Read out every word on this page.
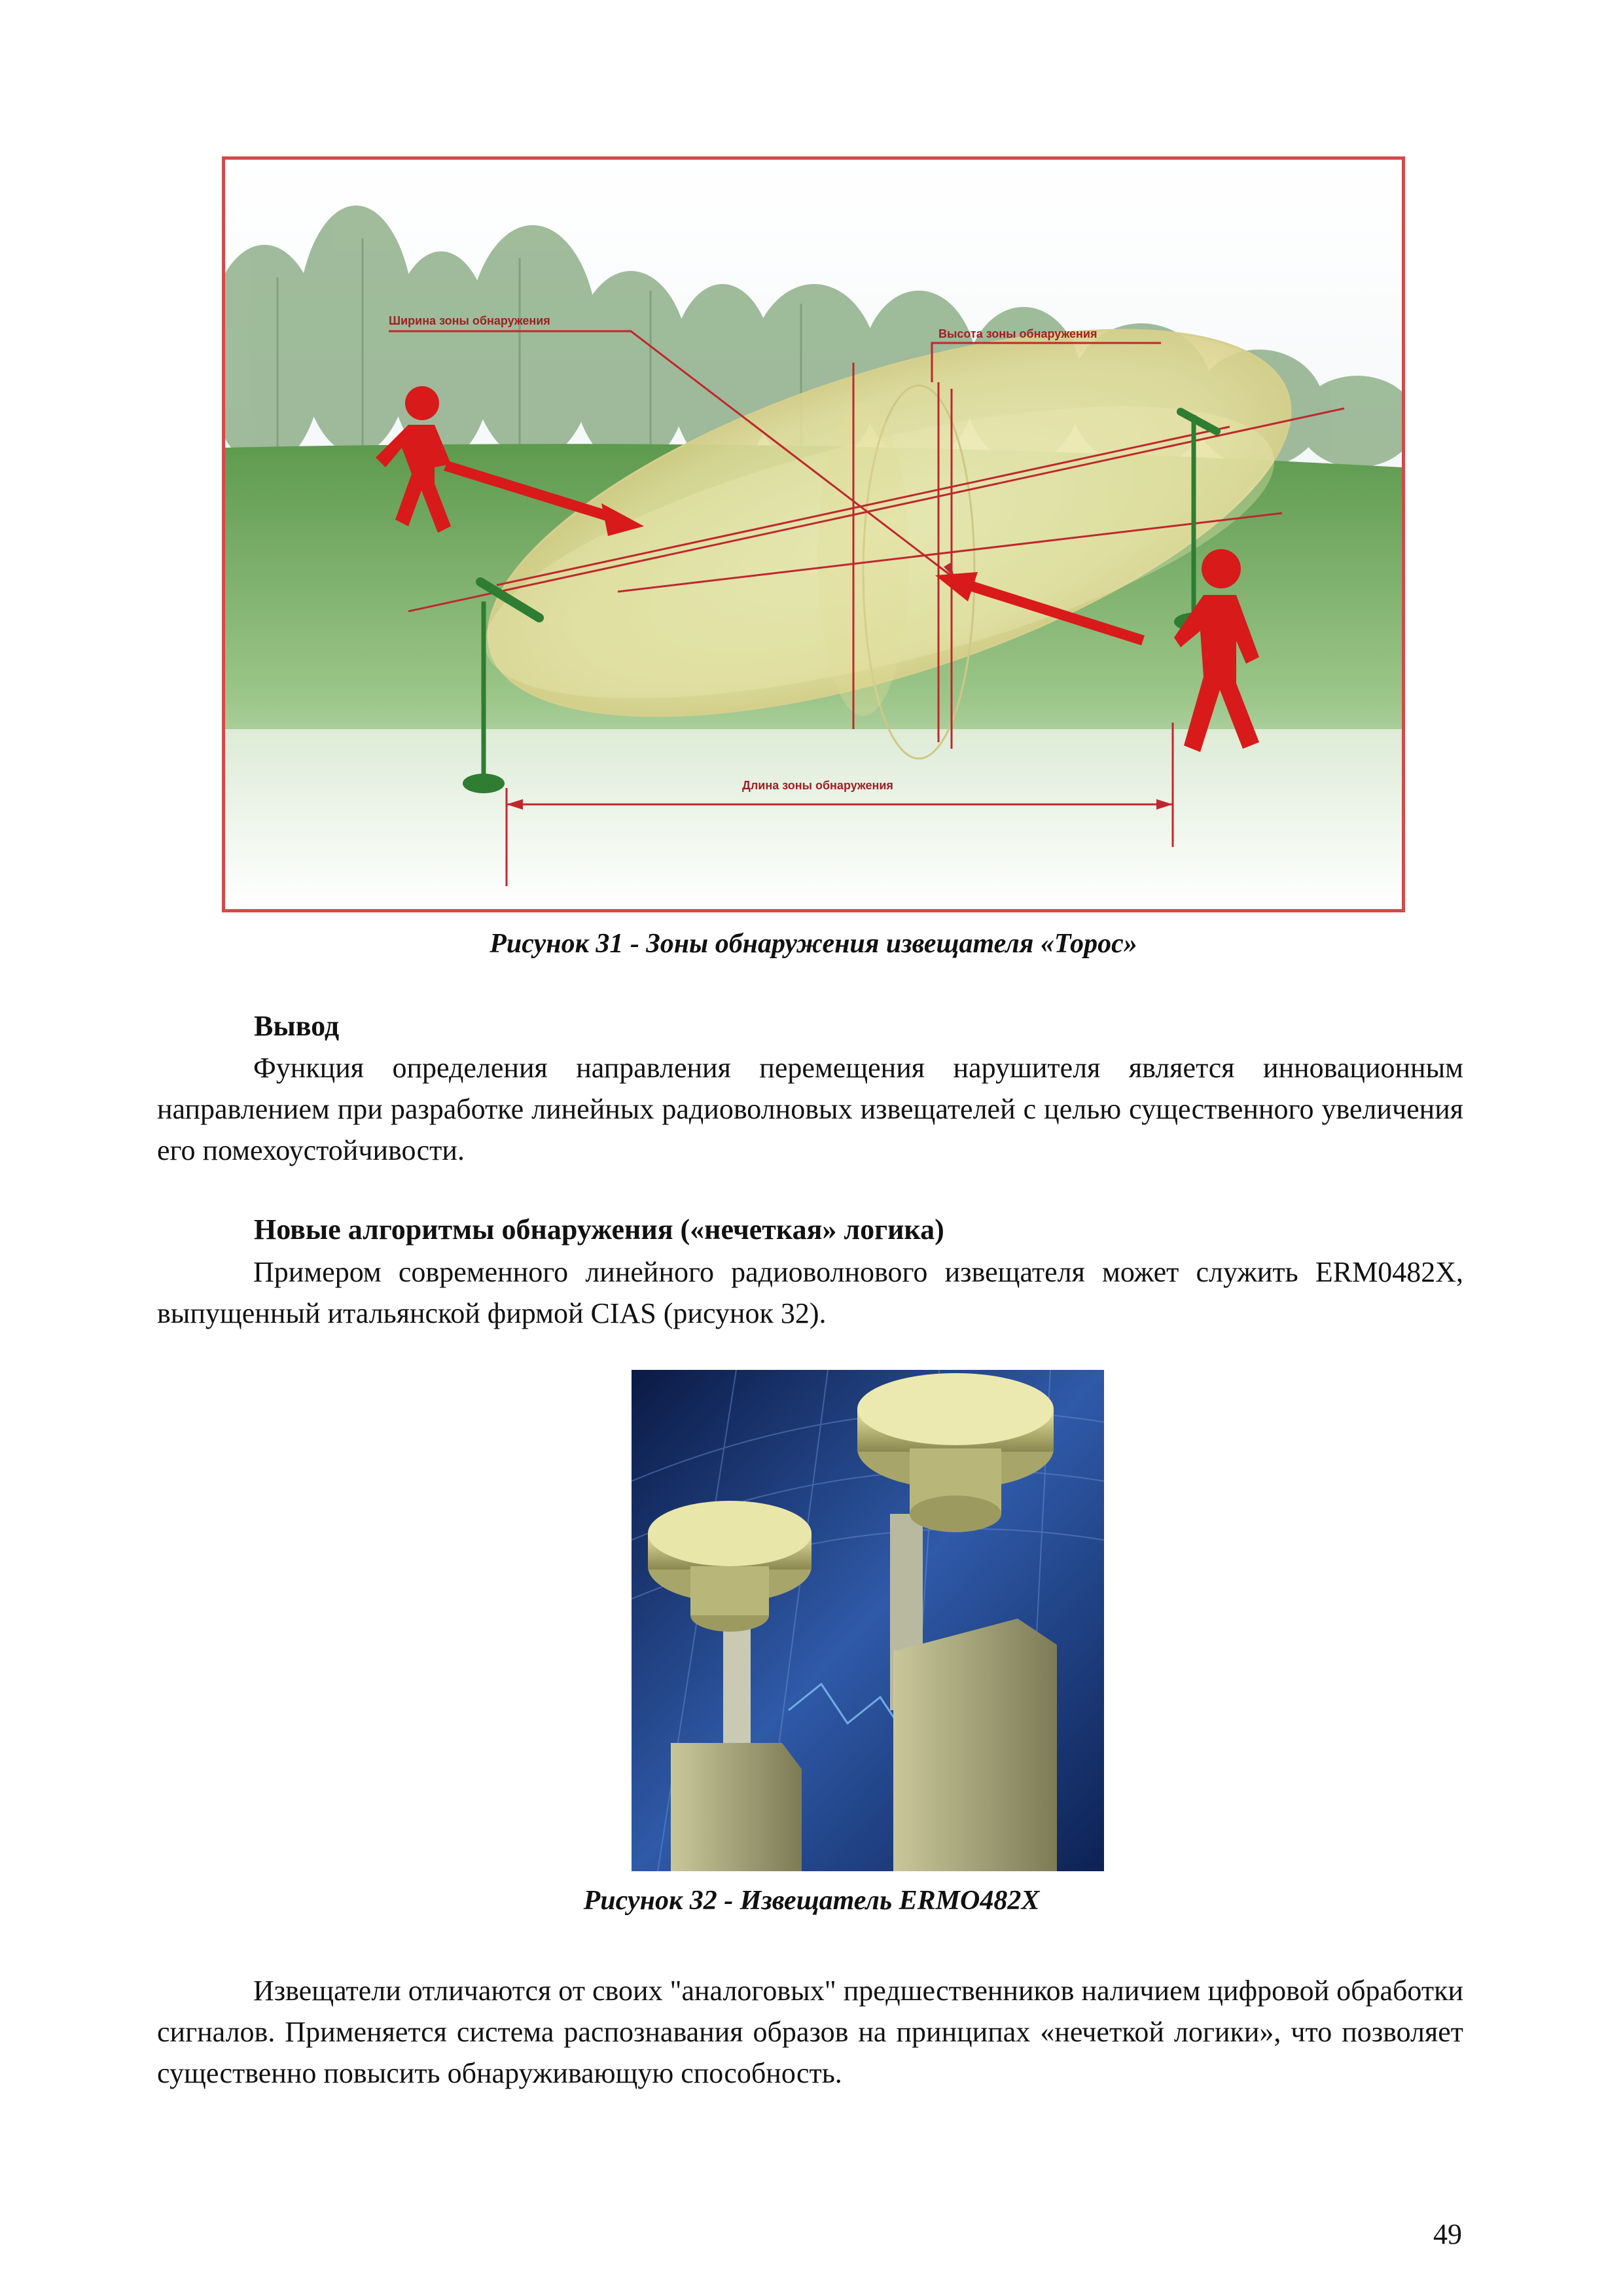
Ширина зоны обнаружения
Высота зоны обнаружения
Длина зоны обнаружения
Рисунок 31 - Зоны обнаружения извещателя «Торос»
Вывод

Функция определения направления перемещения нарушителя является инновационным направлением при разработке линейных радиоволновых извещателей с целью существенного увеличения его помехоустойчивости.

Новые алгоритмы обнаружения («нечеткая» логика)

Примером современного линейного радиоволнового извещателя может служить ERM0482X, выпущенный итальянской фирмой CIAS (рисунок 32).

Рисунок 32 - Извещатель ERMO482X

Извещатели отличаются от своих "аналоговых" предшественников наличием цифровой обработки сигналов. Применяется система распознавания образов на принципах «нечеткой логики», что позволяет существенно повысить обнаруживающую способность.

49
